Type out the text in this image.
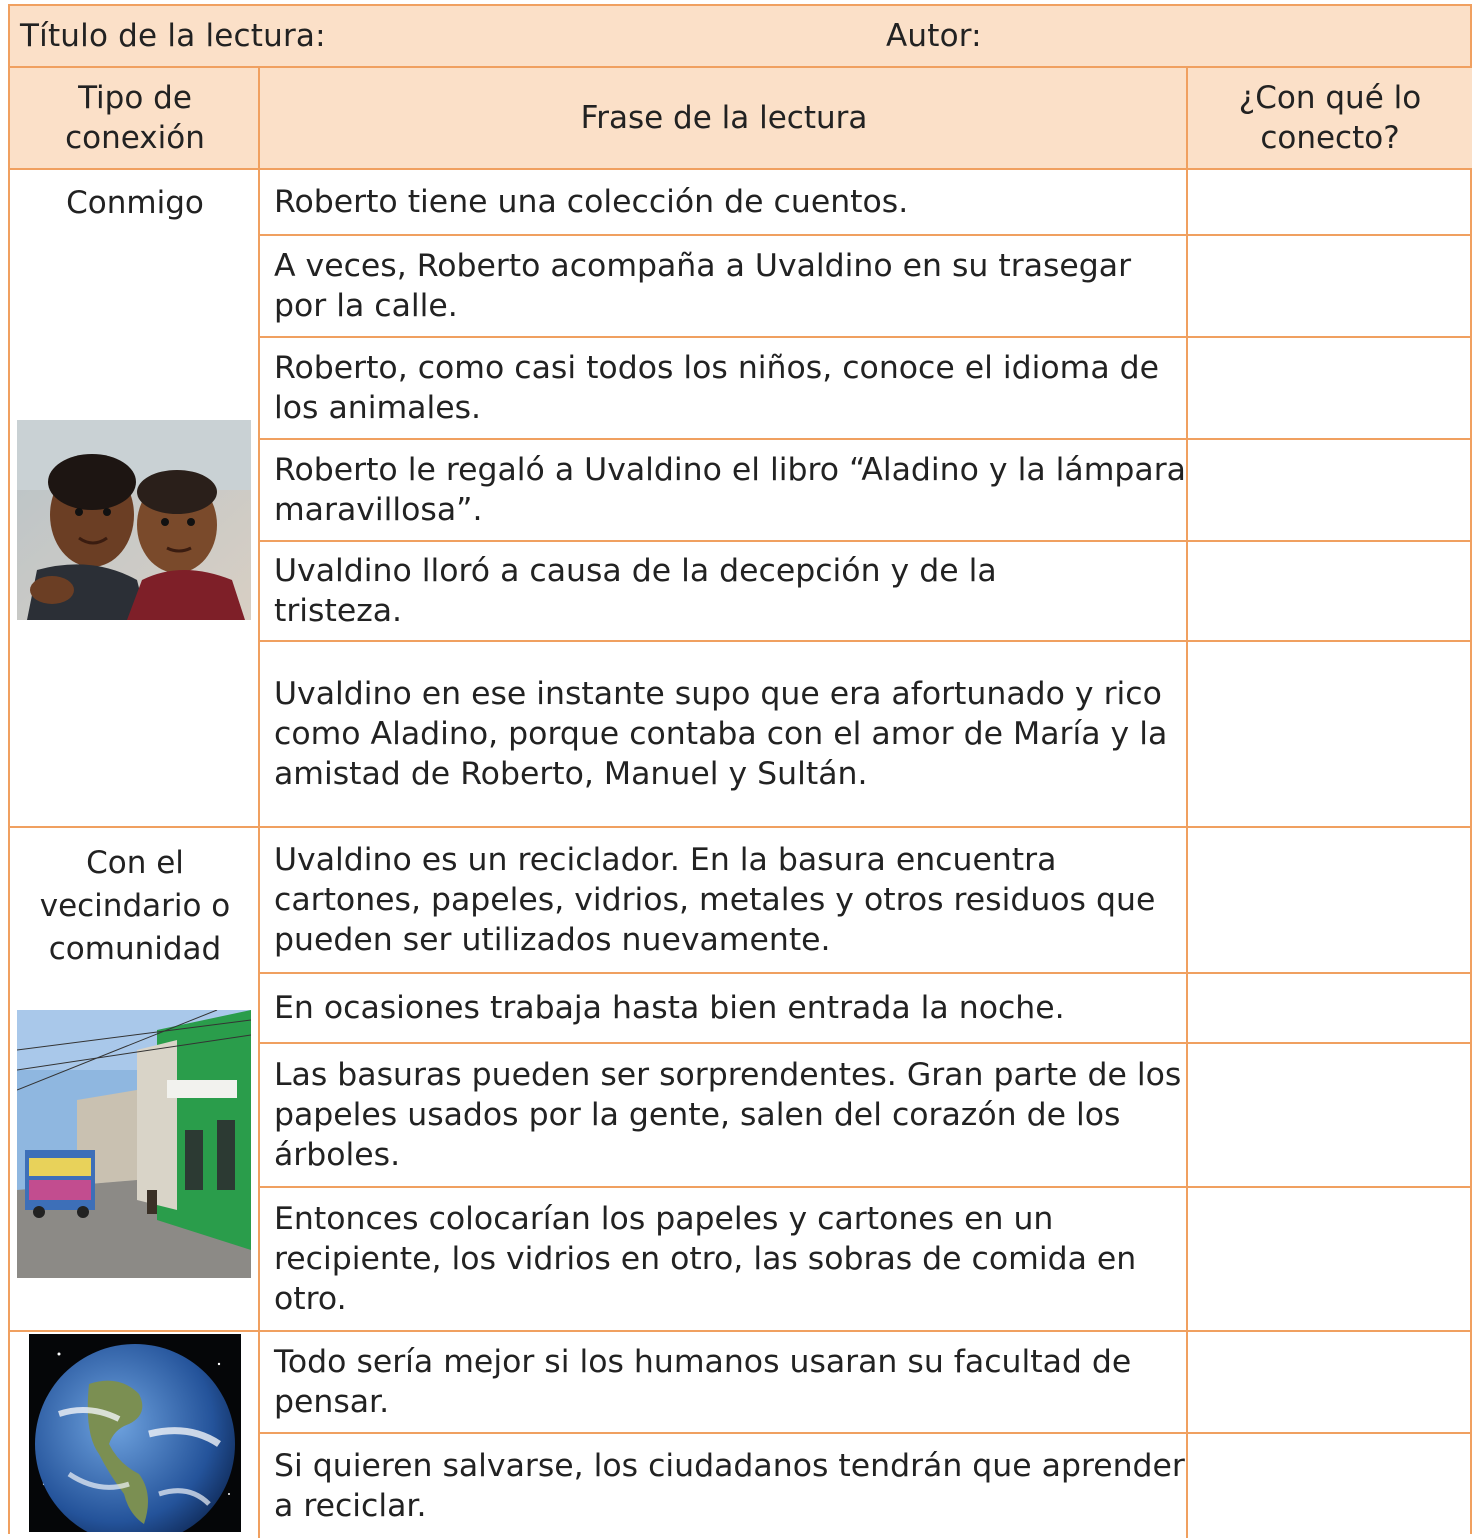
Título de la lectura:	Autor:
Tipo de conexión
Frase de la lectura
¿Con qué lo conecto?
Conmigo	Roberto tiene una colección de cuentos.
A veces, Roberto acompaña a Uvaldino en su trasegar por la calle.
Roberto, como casi todos los niños, conoce el idioma de los animales.
Roberto le regaló a Uvaldino el libro “Aladino y la lámpara maravillosa”.
Uvaldino lloró a causa de la decepción y de la tristeza.
Uvaldino en ese instante supo que era afortunado y rico como Aladino, porque contaba con el amor de María y la amistad de Roberto, Manuel y Sultán.
Con el vecindario o comunidad
Uvaldino es un reciclador. En la basura encuentra cartones, papeles, vidrios, metales y otros residuos que pueden ser utilizados nuevamente.
En ocasiones trabaja hasta bien entrada la noche.
Las basuras pueden ser sorprendentes. Gran parte de los papeles usados por la gente, salen del corazón de los árboles.
Entonces colocarían los papeles y cartones en un recipiente, los vidrios en otro, las sobras de comida en otro.
Todo sería mejor si los humanos usaran su facultad de pensar.
Si quieren salvarse, los ciudadanos tendrán que aprender a reciclar.
